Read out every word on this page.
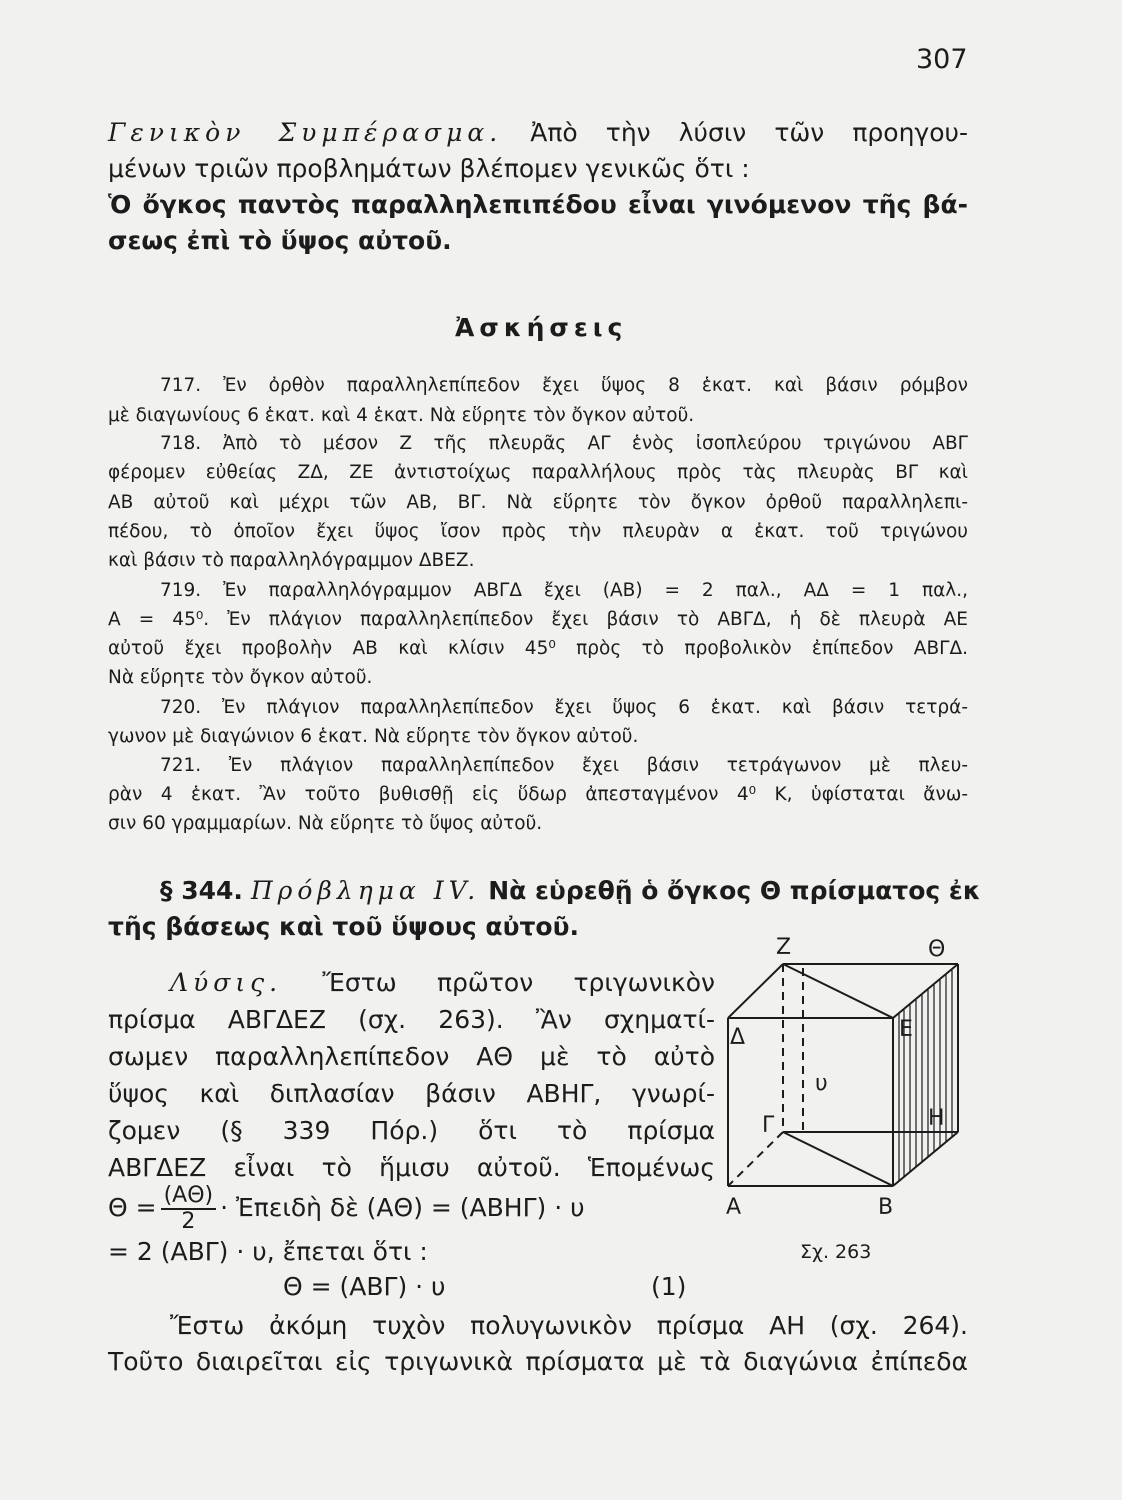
307
Γενικὸν Συμπέρασμα. Ἀπὸ τὴν λύσιν τῶν προηγου-
μένων τριῶν προβλημάτων βλέπομεν γενικῶς ὅτι :
Ὁ ὄγκος παντὸς παραλληλεπιπέδου εἶναι γινόμενον τῆς βά-
σεως ἐπὶ τὸ ὕψος αὐτοῦ.
Ἀσκήσεις
717. Ἐν ὀρθὸν παραλληλεπίπεδον ἔχει ὕψος 8 ἑκατ. καὶ βάσιν ρόμβον
μὲ διαγωνίους 6 ἑκατ. καὶ 4 ἑκατ. Νὰ εὕρητε τὸν ὄγκον αὐτοῦ.
718. Ἀπὸ τὸ μέσον Ζ τῆς πλευρᾶς ΑΓ ἑνὸς ἰσοπλεύρου τριγώνου ΑΒΓ
φέρομεν εὐθείας ΖΔ, ΖΕ ἀντιστοίχως παραλλήλους πρὸς τὰς πλευρὰς ΒΓ καὶ
ΑΒ αὐτοῦ καὶ μέχρι τῶν ΑΒ, ΒΓ. Νὰ εὕρητε τὸν ὄγκον ὀρθοῦ παραλληλεπι-
πέδου, τὸ ὁποῖον ἔχει ὕψος ἴσον πρὸς τὴν πλευρὰν α ἑκατ. τοῦ τριγώνου
καὶ βάσιν τὸ παραλληλόγραμμον ΔΒΕΖ.
719. Ἐν παραλληλόγραμμον ΑΒΓΔ ἔχει (ΑΒ) = 2 παλ., ΑΔ = 1 παλ.,
Α = 45⁰. Ἐν πλάγιον παραλληλεπίπεδον ἔχει βάσιν τὸ ΑΒΓΔ, ἡ δὲ πλευρὰ ΑΕ
αὐτοῦ ἔχει προβολὴν ΑΒ καὶ κλίσιν 45⁰ πρὸς τὸ προβολικὸν ἐπίπεδον ΑΒΓΔ.
Νὰ εὕρητε τὸν ὄγκον αὐτοῦ.
720. Ἐν πλάγιον παραλληλεπίπεδον ἔχει ὕψος 6 ἑκατ. καὶ βάσιν τετρά-
γωνον μὲ διαγώνιον 6 ἑκατ. Νὰ εὕρητε τὸν ὄγκον αὐτοῦ.
721. Ἐν πλάγιον παραλληλεπίπεδον ἔχει βάσιν τετράγωνον μὲ πλευ-
ρὰν 4 ἑκατ. Ἂν τοῦτο βυθισθῇ εἰς ὕδωρ ἀπεσταγμένον 4⁰ Κ, ὑφίσταται ἄνω-
σιν 60 γραμμαρίων. Νὰ εὕρητε τὸ ὕψος αὐτοῦ.
§ 344. Πρόβλημα IV. Νὰ εὑρεθῇ ὁ ὄγκος Θ πρίσματος ἐκ
τῆς βάσεως καὶ τοῦ ὕψους αὐτοῦ.
Λύσις. Ἔστω πρῶτον τριγωνικὸν
πρίσμα ΑΒΓΔΕΖ (σχ. 263). Ἂν σχηματί-
σωμεν παραλληλεπίπεδον ΑΘ μὲ τὸ αὐτὸ
ὕψος καὶ διπλασίαν βάσιν ΑΒΗΓ, γνωρί-
ζομεν (§ 339 Πόρ.) ὅτι τὸ πρίσμα
ΑΒΓΔΕΖ εἶναι τὸ ἥμισυ αὐτοῦ. Ἑπομένως
$\Theta = \frac{(A\Theta)}{2}$ · Ἐπειδὴ δὲ (ΑΘ) = (ΑΒΗΓ) · υ
= 2 (ΑΒΓ) · υ, ἔπεται ὅτι :
Θ = (ΑΒΓ) · υ	(1)
Ἔστω ἀκόμη τυχὸν πολυγωνικὸν πρίσμα ΑΗ (σχ. 264).
Τοῦτο διαιρεῖται εἰς τριγωνικὰ πρίσματα μὲ τὰ διαγώνια ἐπίπεδα
Ζ	Θ
Δ	Ε
υ
Γ	Η
Α	Β
Σχ. 263
